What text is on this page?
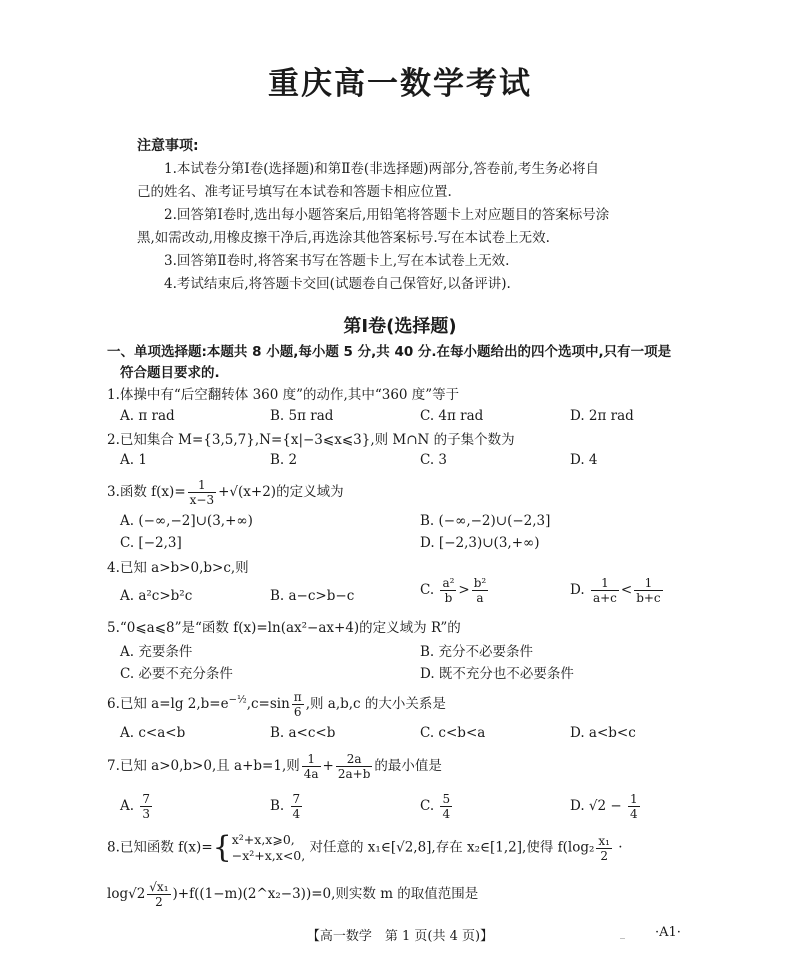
重庆高一数学考试
注意事项:
1.本试卷分第Ⅰ卷(选择题)和第Ⅱ卷(非选择题)两部分,答卷前,考生务必将自
己的姓名、准考证号填写在本试卷和答题卡相应位置.
2.回答第Ⅰ卷时,选出每小题答案后,用铅笔将答题卡上对应题目的答案标号涂
黑,如需改动,用橡皮擦干净后,再选涂其他答案标号.写在本试卷上无效.
3.回答第Ⅱ卷时,将答案书写在答题卡上,写在本试卷上无效.
4.考试结束后,将答题卡交回(试题卷自己保管好,以备评讲).
第Ⅰ卷(选择题)
一、单项选择题:本题共 8 小题,每小题 5 分,共 40 分.在每小题给出的四个选项中,只有一项是
符合题目要求的.
1.体操中有“后空翻转体 360 度”的动作,其中“360 度”等于
A. π rad	B. 5π rad	C. 4π rad	D. 2π rad
2.已知集合 M={3,5,7},N={x|−3⩽x⩽3},则 M∩N 的子集个数为
A. 1	B. 2	C. 3	D. 4
3.函数 $f(x)= \frac{1}{x-3} +√(x+2)$的定义域为
A. (−∞,−2]∪(3,+∞)	B. (−∞,−2)∪(−2,3]
C. [−2,3]	D. [−2,3)∪(3,+∞)
4.已知 a>b>0,b>c,则
A. a²c>b²c	B. a−c>b−c	C. $\frac{\text{a²}}{b} > \frac{\text{b²}}{a}$	D. $\frac{1}{a+c} < \frac{1}{b+c}$
5.“0⩽a⩽8”是“函数 f(x)=ln(ax²−ax+4)的定义域为 R”的
A. 充要条件	B. 充分不必要条件
C. 必要不充分条件	D. 既不充分也不必要条件
6.已知 a=lg $2,b=e^{-\frac{1}{2}},c=\sin \frac{\pi}{6}$ ,则 a,b,c 的大小关系是
A. c<a<b	B. a<c<b	C. c<b<a	D. a<b<c
7.已知 a>0,b>0,且 a+b=1,则 $\frac{1}{4a} + \frac{2a}{2a+b}$ 的最小值是
A. $\frac{7}{3}$	B. $\frac{7}{4}$	C. $\frac{5}{4}$	D. $√2 - \frac{1}{4}$
8.已知函数 f(x)={ x²+x,x⩾0,
−x²+x,x<0, 对任意的 x₁∈[√2,8],存在 x₂∈[1,2],使得 $f(\log_2 \frac{\text{x₁}}{2}$ ·
$\log√2 \frac{\text{√x₁}}{2}$ )+f((1−m)(2^x₂−3))=0,则实数 m 的取值范围是
【高一数学　第 1 页(共 4 页)】	_ ·A1·
